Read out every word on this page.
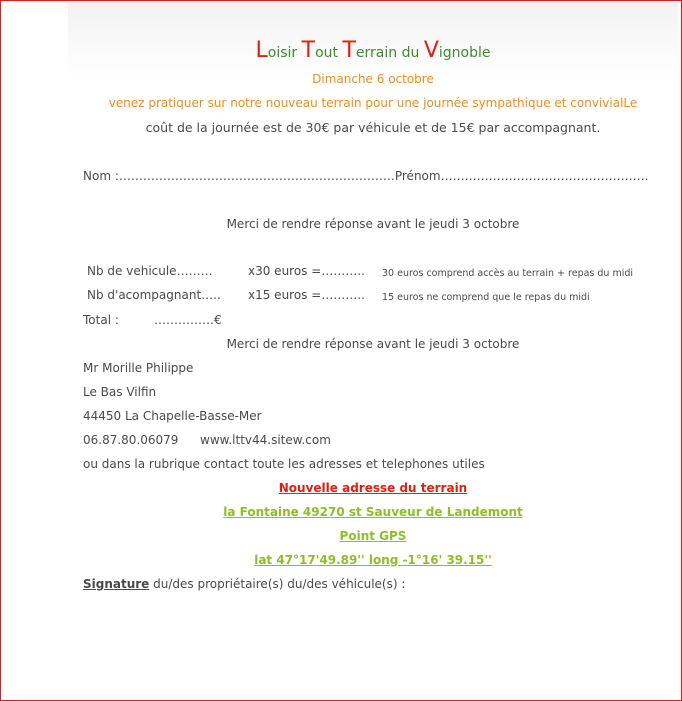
Loisir Tout Terrain du Vignoble
Dimanche 6 octobre
venez pratiquer sur notre nouveau terrain pour une journée sympathique et convivialLe
coût de la journée est de 30€ par véhicule et de 15€ par accompagnant.
Nom :……………………………………………………………Prénom…………………………………………….
Merci de rendre réponse avant le jeudi 3 octobre
Nb de vehicule………	x30 euros =……….. 30 euros comprend accès au terrain + repas du midi
Nb d'acompagnant….. x15 euros =……….. 15 euros ne comprend que le repas du midi
Total :	……………€
Merci de rendre réponse avant le jeudi 3 octobre
Mr Morille Philippe
Le Bas Vilfin
44450 La Chapelle-Basse-Mer
06.87.80.06079 www.lttv44.sitew.com
ou dans la rubrique contact toute les adresses et telephones utiles
Nouvelle adresse du terrain
la Fontaine 49270 st Sauveur de Landemont
Point GPS
lat 47°17'49.89'' long -1°16' 39.15''
Signature du/des propriétaire(s) du/des véhicule(s) :
